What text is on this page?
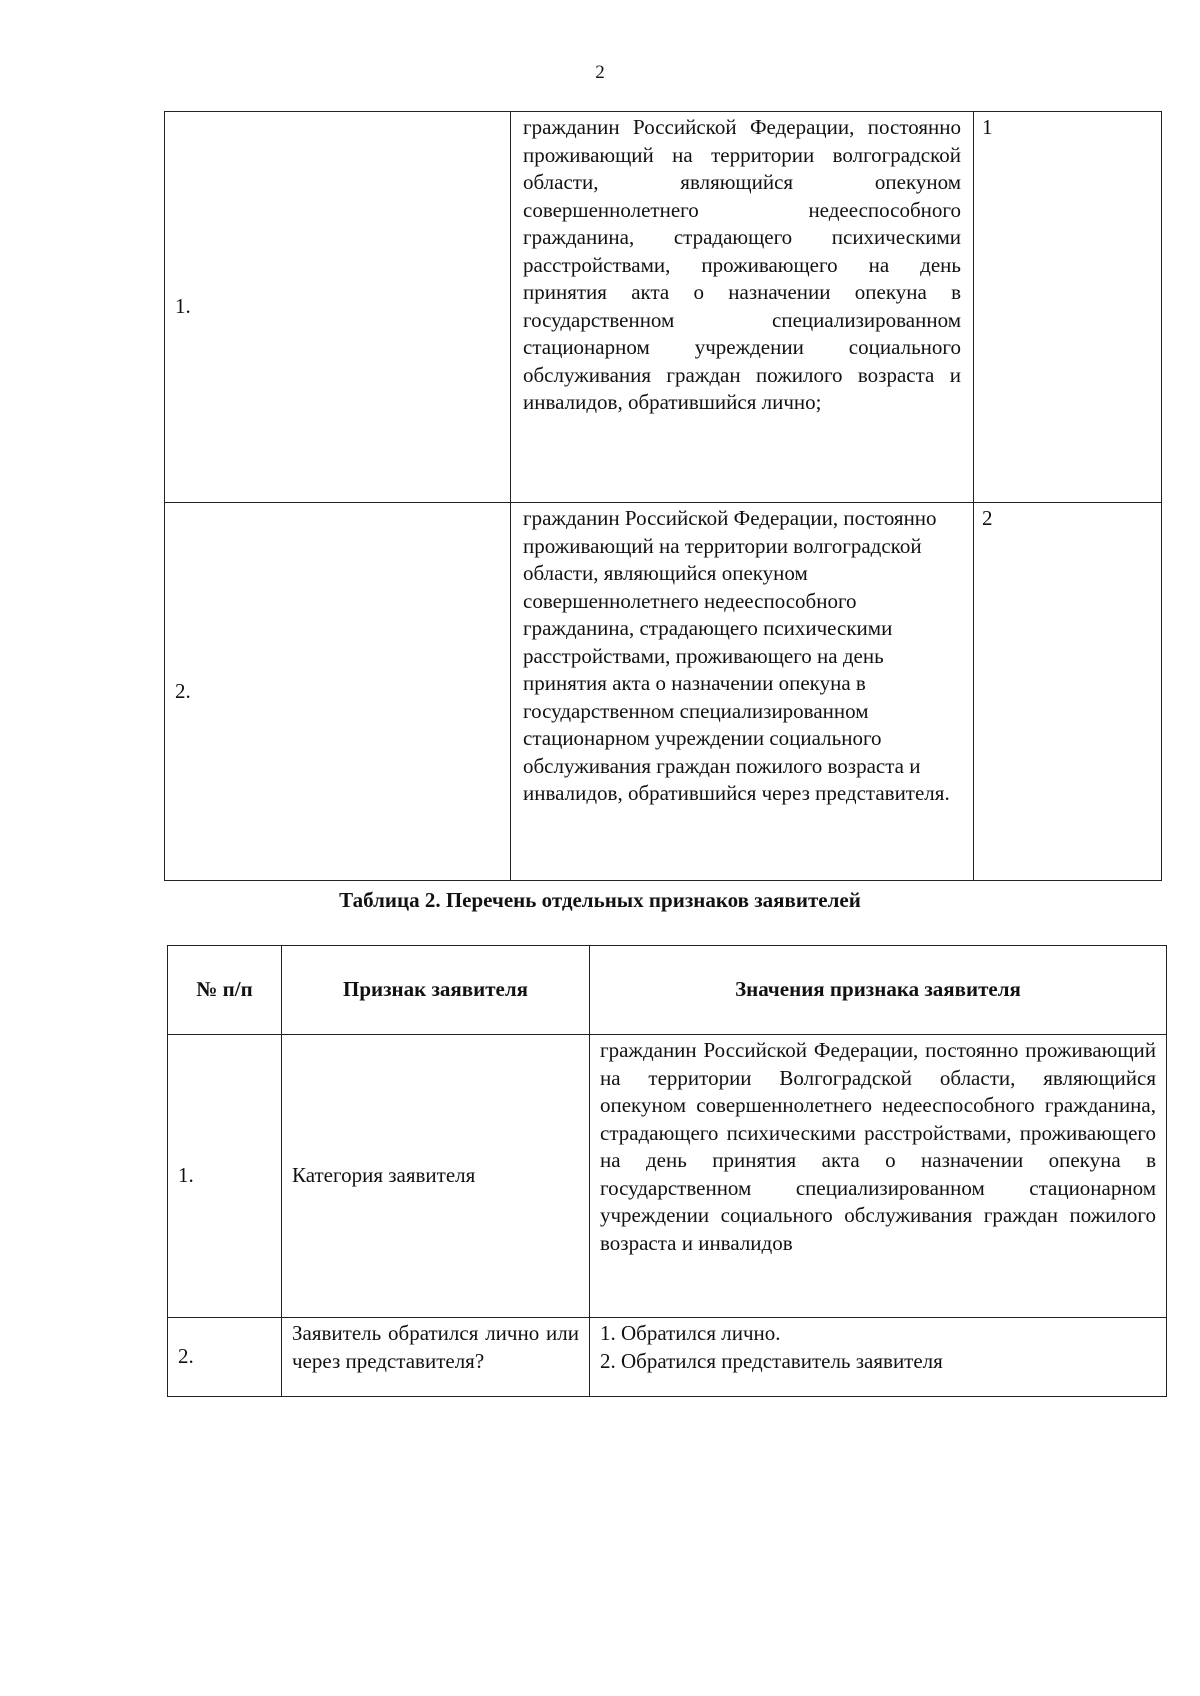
2
1.	гражданин Российской Федерации, постоянно проживающий на территории волгоградской области, являющийся опекуном совершеннолетнего недееспособного гражданина, страдающего психическими расстройствами, проживающего на день принятия акта о назначении опекуна в государственном специализированном стационарном учреждении социального обслуживания граждан пожилого возраста и инвалидов, обратившийся лично;	1
2.	гражданин Российской Федерации, постоянно проживающий на территории волгоградской области, являющийся опекуном совершеннолетнего недееспособного гражданина, страдающего психическими расстройствами, проживающего на день принятия акта о назначении опекуна в государственном специализированном стационарном учреждении социального обслуживания граждан пожилого возраста и инвалидов, обратившийся через представителя.	2
Таблица 2. Перечень отдельных признаков заявителей
№ п/п	Признак заявителя	Значения признака заявителя
1.	Категория заявителя	гражданин Российской Федерации, постоянно проживающий на территории Волгоградской области, являющийся опекуном совершеннолетнего недееспособного гражданина, страдающего психическими расстройствами, проживающего на день принятия акта о назначении опекуна в государственном специализированном стационарном учреждении социального обслуживания граждан пожилого возраста и инвалидов
2.	Заявитель обратился лично или через представителя?	1. Обратился лично.
2. Обратился представитель заявителя
